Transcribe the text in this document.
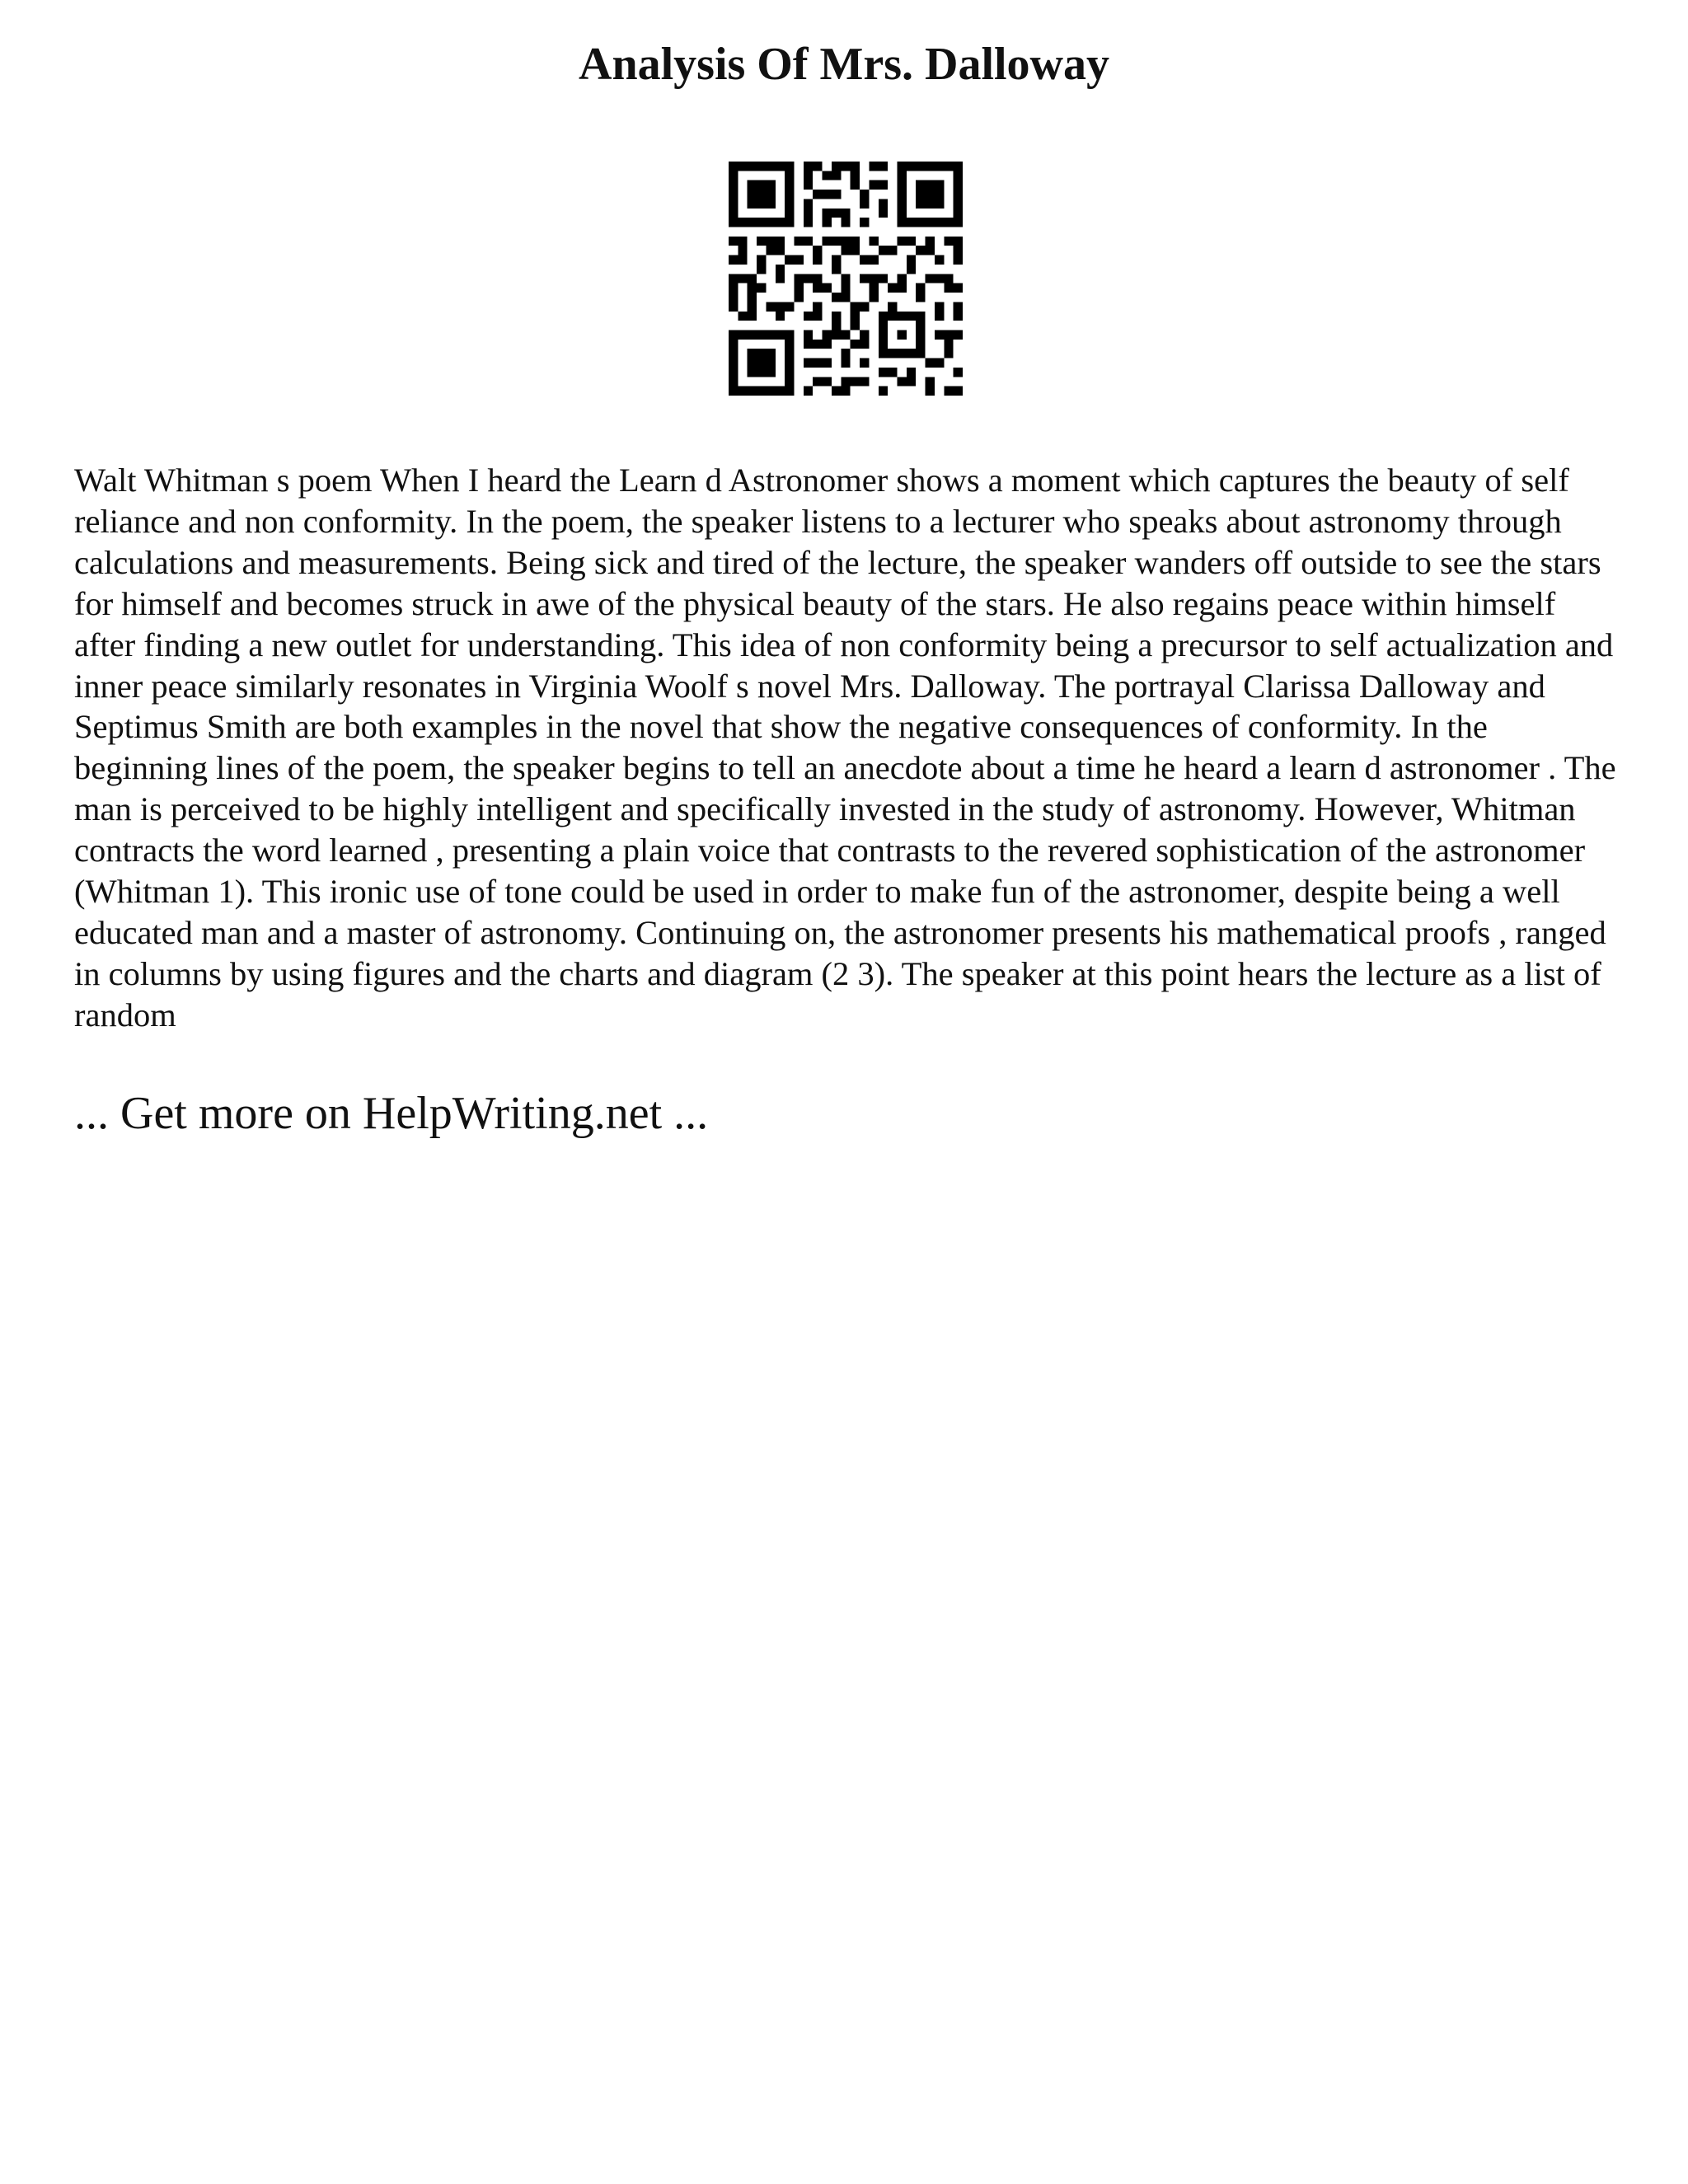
Analysis Of Mrs. Dalloway

Walt Whitman s poem When I heard the Learn d Astronomer shows a moment which captures the beauty of self reliance and non conformity. In the poem, the speaker listens to a lecturer who speaks about astronomy through calculations and measurements. Being sick and tired of the lecture, the speaker wanders off outside to see the stars for himself and becomes struck in awe of the physical beauty of the stars. He also regains peace within himself after finding a new outlet for understanding. This idea of non conformity being a precursor to self actualization and inner peace similarly resonates in Virginia Woolf s novel Mrs. Dalloway. The portrayal Clarissa Dalloway and Septimus Smith are both examples in the novel that show the negative consequences of conformity. In the beginning lines of the poem, the speaker begins to tell an anecdote about a time he heard a learn d astronomer . The man is perceived to be highly intelligent and specifically invested in the study of astronomy. However, Whitman contracts the word learned , presenting a plain voice that contrasts to the revered sophistication of the astronomer (Whitman 1). This ironic use of tone could be used in order to make fun of the astronomer, despite being a well educated man and a master of astronomy. Continuing on, the astronomer presents his mathematical proofs , ranged in columns by using figures and the charts and diagram (2 3). The speaker at this point hears the lecture as a list of random

... Get more on HelpWriting.net ...
